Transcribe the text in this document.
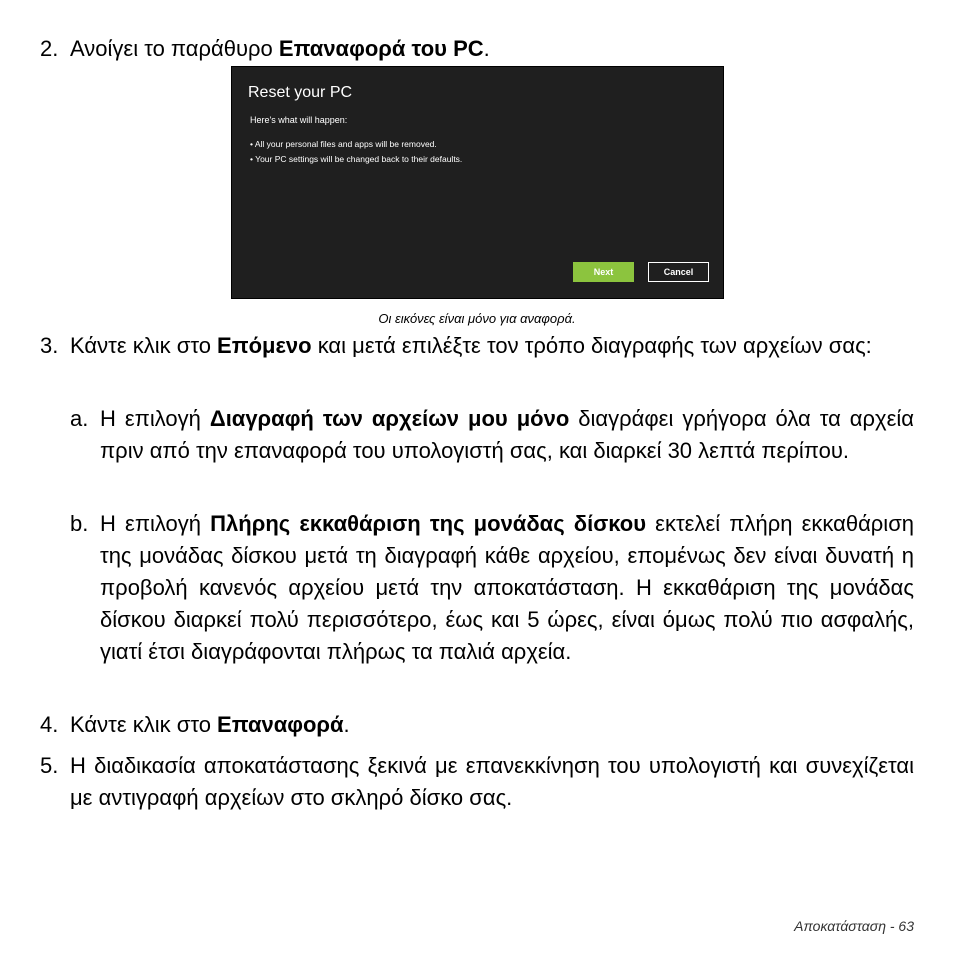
2. Ανοίγει το παράθυρο Επαναφορά του PC.
Reset your PC
Here's what will happen:
• All your personal files and apps will be removed.
• Your PC settings will be changed back to their defaults.
Next	Cancel
Οι εικόνες είναι μόνο για αναφορά.
3. Κάντε κλικ στο Επόμενο και μετά επιλέξτε τον τρόπο διαγραφής των αρχείων σας:
a. Η επιλογή Διαγραφή των αρχείων μου μόνο διαγράφει γρήγορα όλα τα αρχεία πριν από την επαναφορά του υπολογιστή σας, και διαρκεί 30 λεπτά περίπου.
b. Η επιλογή Πλήρης εκκαθάριση της μονάδας δίσκου εκτελεί πλήρη εκκαθάριση της μονάδας δίσκου μετά τη διαγραφή κάθε αρχείου, επομένως δεν είναι δυνατή η προβολή κανενός αρχείου μετά την αποκατάσταση. Η εκκαθάριση της μονάδας δίσκου διαρκεί πολύ περισσότερο, έως και 5 ώρες, είναι όμως πολύ πιο ασφαλής, γιατί έτσι διαγράφονται πλήρως τα παλιά αρχεία.
4. Κάντε κλικ στο Επαναφορά.
5. Η διαδικασία αποκατάστασης ξεκινά με επανεκκίνηση του υπολογιστή και συνεχίζεται με αντιγραφή αρχείων στο σκληρό δίσκο σας.
Αποκατάσταση - 63
